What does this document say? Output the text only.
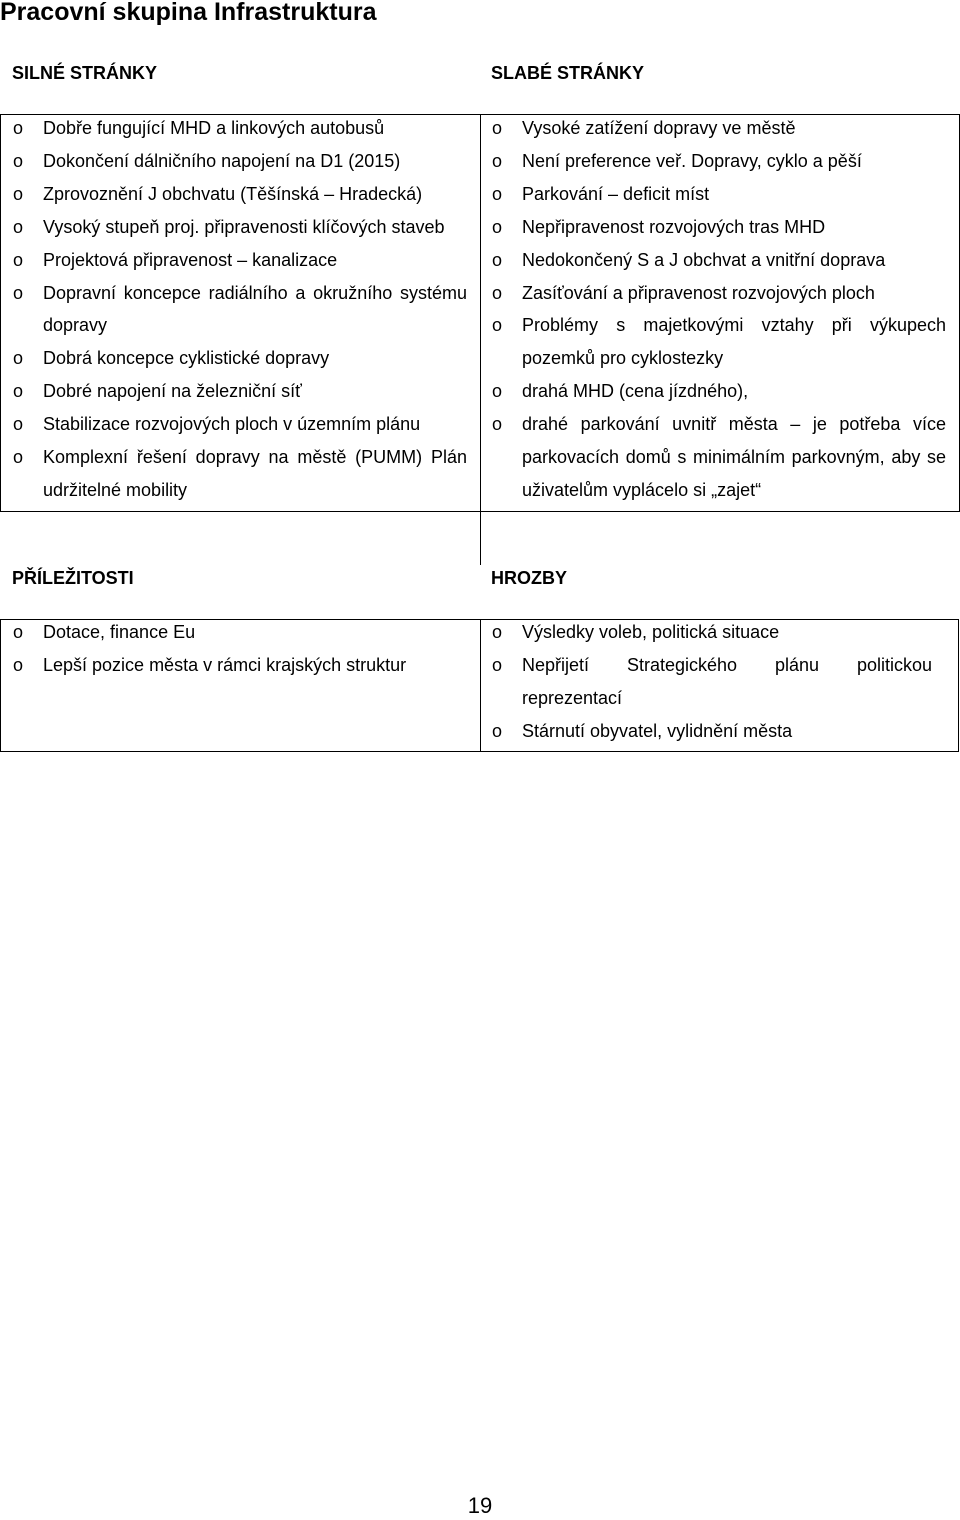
Pracovní skupina Infrastruktura
SILNÉ STRÁNKY	SLABÉ STRÁNKY
o Dobře fungující MHD a linkových autobusů
o Dokončení dálničního napojení na D1 (2015)
o Zprovoznění J obchvatu (Těšínská – Hradecká)
o Vysoký stupeň proj. připravenosti klíčových staveb
o Projektová připravenost – kanalizace
o Dopravní koncepce radiálního a okružního systému dopravy
o Dobrá koncepce cyklistické dopravy
o Dobré napojení na železniční síť
o Stabilizace rozvojových ploch v územním plánu
o Komplexní řešení dopravy na městě (PUMM) Plán udržitelné mobility
o Vysoké zatížení dopravy ve městě
o Není preference veř. Dopravy, cyklo a pěší
o Parkování – deficit míst
o Nepřipravenost rozvojových tras MHD
o Nedokončený S a J obchvat a vnitřní doprava
o Zasíťování a připravenost rozvojových ploch
o Problémy s majetkovými vztahy při výkupech pozemků pro cyklostezky
o drahá MHD (cena jízdného),
o drahé parkování uvnitř města – je potřeba více parkovacích domů s minimálním parkovným, aby se uživatelům vyplácelo si „zajet“
PŘÍLEŽITOSTI	HROZBY
o Dotace, finance Eu
o Lepší pozice města v rámci krajských struktur
o Výsledky voleb, politická situace
o Nepřijetí Strategického plánu politickou reprezentací
o Stárnutí obyvatel, vylidnění města
19
